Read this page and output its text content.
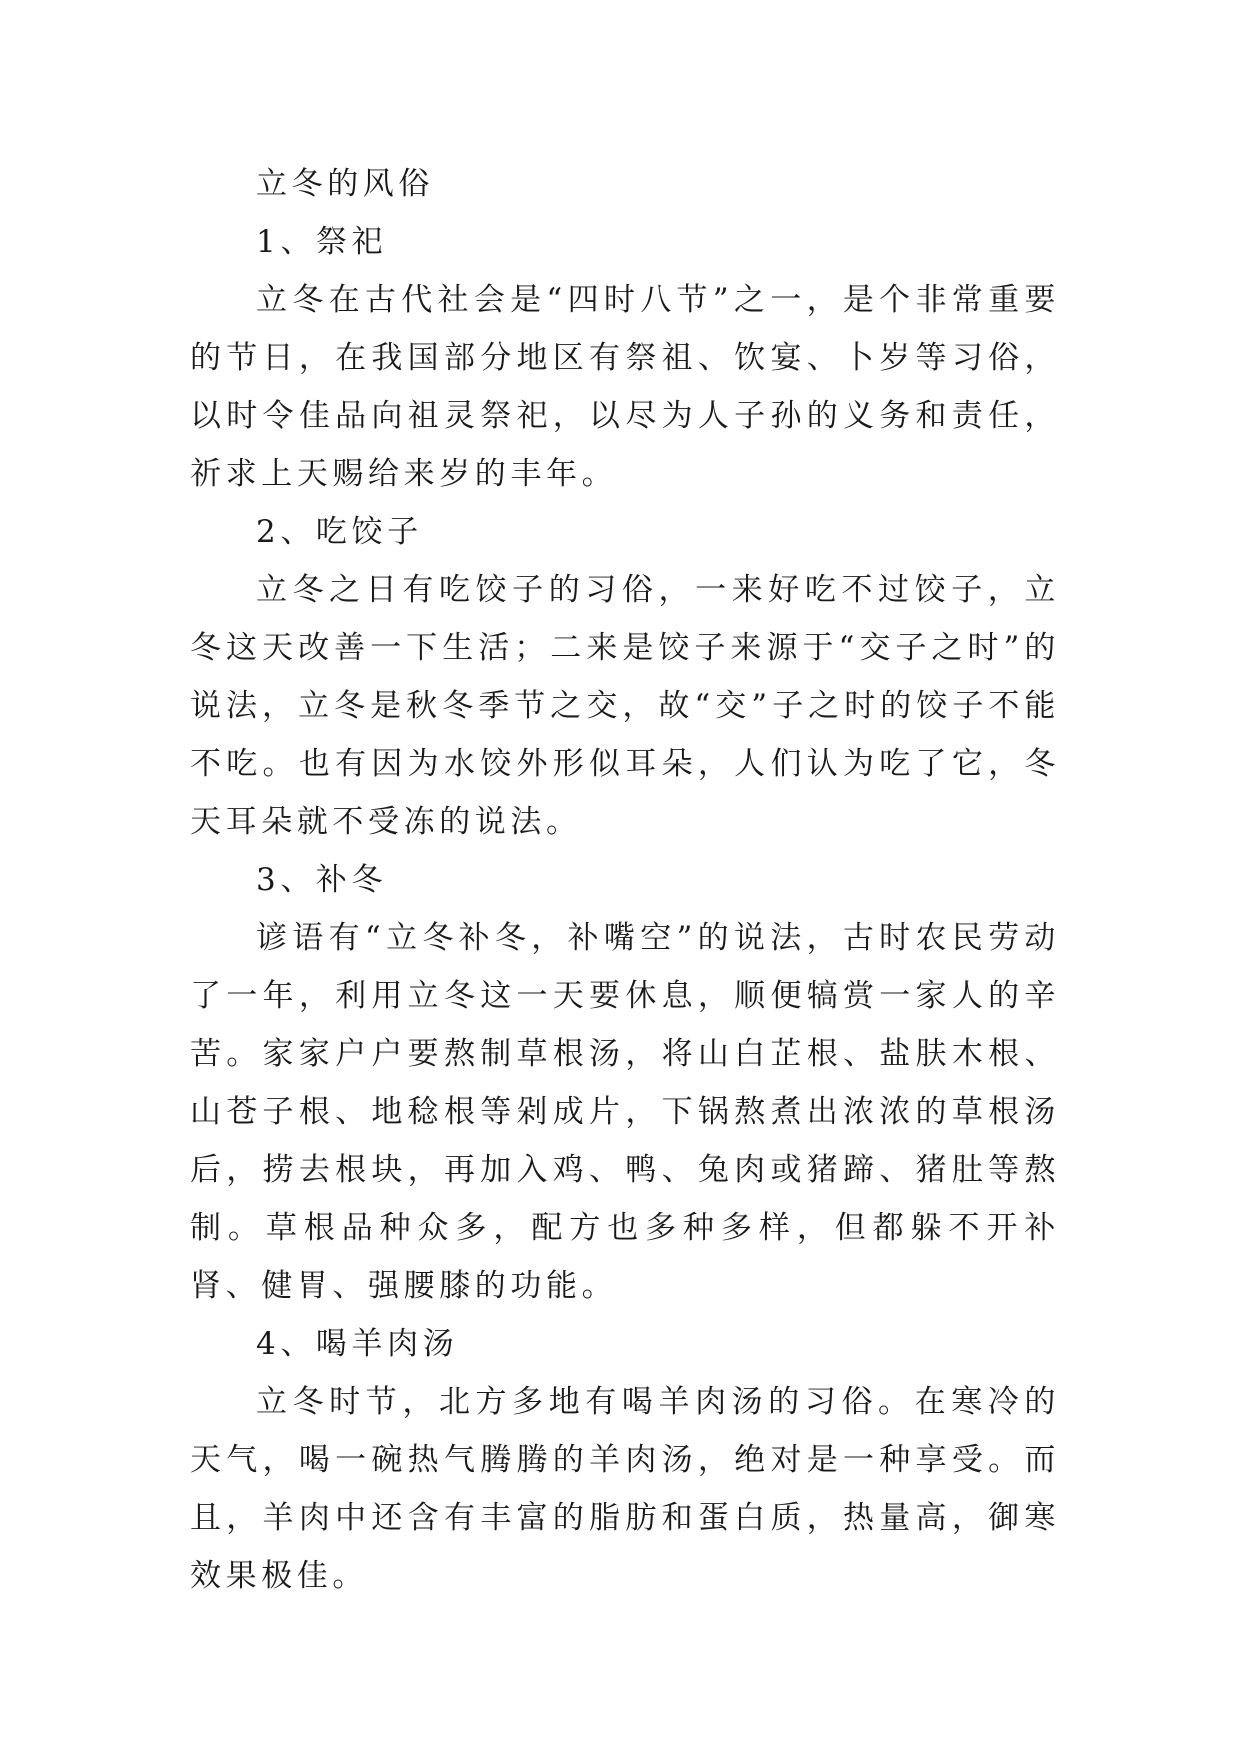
立冬的风俗

1、祭祀

立冬在古代社会是“四时八节”之一，是个非常重要的节日，在我国部分地区有祭祖、饮宴、卜岁等习俗，以时令佳品向祖灵祭祀，以尽为人子孙的义务和责任，祈求上天赐给来岁的丰年。

2、吃饺子

立冬之日有吃饺子的习俗，一来好吃不过饺子，立冬这天改善一下生活；二来是饺子来源于“交子之时”的说法，立冬是秋冬季节之交，故“交”子之时的饺子不能不吃。也有因为水饺外形似耳朵，人们认为吃了它，冬天耳朵就不受冻的说法。

3、补冬

谚语有“立冬补冬，补嘴空”的说法，古时农民劳动了一年，利用立冬这一天要休息，顺便犒赏一家人的辛苦。家家户户要熬制草根汤，将山白芷根、盐肤木根、山苍子根、地稔根等剁成片，下锅熬煮出浓浓的草根汤后，捞去根块，再加入鸡、鸭、兔肉或猪蹄、猪肚等熬制。草根品种众多，配方也多种多样，但都躲不开补肾、健胃、强腰膝的功能。

4、喝羊肉汤

立冬时节，北方多地有喝羊肉汤的习俗。在寒冷的天气，喝一碗热气腾腾的羊肉汤，绝对是一种享受。而且，羊肉中还含有丰富的脂肪和蛋白质，热量高，御寒效果极佳。
